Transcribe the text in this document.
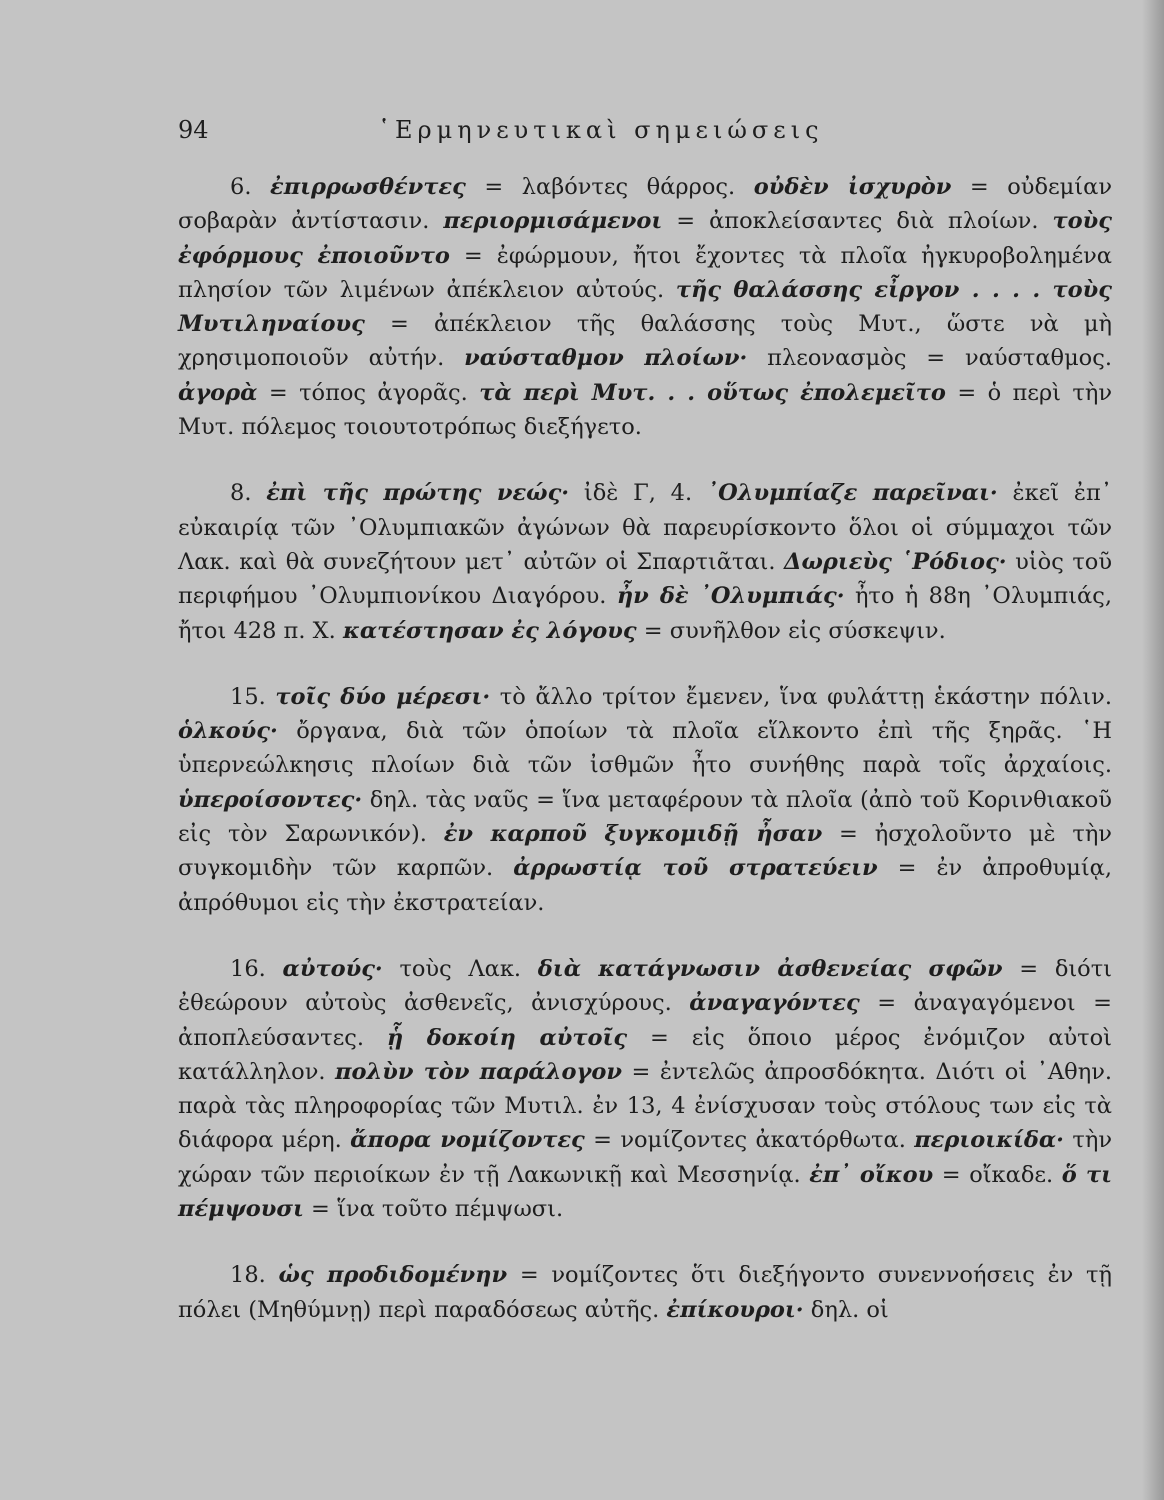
94	῾Ερμηνευτικαὶ σημειώσεις

6. ἐπιρρωσθέντες = λαβόντες θάρρος. οὐδὲν ἰσχυρὸν = οὐδεμίαν σοβαρὰν ἀντίστασιν. περιορμισάμενοι = ἀποκλείσαντες διὰ πλοίων. τοὺς ἐφόρμους ἐποιοῦντο = ἐφώρμουν, ἤτοι ἔχοντες τὰ πλοῖα ἠγκυροβολημένα πλησίον τῶν λιμένων ἀπέκλειον αὐτούς. τῆς θαλάσσης εἶργον . . . . τοὺς Μυτιληναίους = ἀπέκλειον τῆς θαλάσσης τοὺς Μυτ., ὥστε νὰ μὴ χρησιμοποιοῦν αὐτήν. ναύσταθμον πλοίων· πλεονασμὸς = ναύσταθμος. ἀγορὰ = τόπος ἀγορᾶς. τὰ περὶ Μυτ. . . οὕτως ἐπολεμεῖτο = ὁ περὶ τὴν Μυτ. πόλεμος τοιουτοτρόπως διεξήγετο.

8. ἐπὶ τῆς πρώτης νεώς· ἰδὲ Γ, 4. ᾿Ολυμπίαζε παρεῖναι· ἐκεῖ ἐπ᾿ εὐκαιρίᾳ τῶν ᾿Ολυμπιακῶν ἀγώνων θὰ παρευρίσκοντο ὅλοι οἱ σύμμαχοι τῶν Λακ. καὶ θὰ συνεζήτουν μετ᾿ αὐτῶν οἱ Σπαρτιᾶται. Δωριεὺς ῾Ρόδιος· υἱὸς τοῦ περιφήμου ᾿Ολυμπιονίκου Διαγόρου. ἦν δὲ ᾿Ολυμπιάς· ἦτο ἡ 88η ᾿Ολυμπιάς, ἤτοι 428 π. Χ. κατέστησαν ἐς λόγους = συνῆλθον εἰς σύσκεψιν.

15. τοῖς δύο μέρεσι· τὸ ἄλλο τρίτον ἔμενεν, ἵνα φυλάττῃ ἑκάστην πόλιν. ὁλκούς· ὄργανα, διὰ τῶν ὁποίων τὰ πλοῖα εἵλκοντο ἐπὶ τῆς ξηρᾶς. ῾Η ὑπερνεώλκησις πλοίων διὰ τῶν ἰσθμῶν ἦτο συνήθης παρὰ τοῖς ἀρχαίοις. ὑπεροίσοντες· δηλ. τὰς ναῦς = ἵνα μεταφέρουν τὰ πλοῖα (ἀπὸ τοῦ Κορινθιακοῦ εἰς τὸν Σαρωνικόν). ἐν καρποῦ ξυγκομιδῇ ἦσαν = ἠσχολοῦντο μὲ τὴν συγκομιδὴν τῶν καρπῶν. ἀρρωστίᾳ τοῦ στρατεύειν = ἐν ἀπροθυμίᾳ, ἀπρόθυμοι εἰς τὴν ἐκστρατείαν.

16. αὐτούς· τοὺς Λακ. διὰ κατάγνωσιν ἀσθενείας σφῶν = διότι ἐθεώρουν αὐτοὺς ἀσθενεῖς, ἀνισχύρους. ἀναγαγόντες = ἀναγαγόμενοι = ἀποπλεύσαντες. ᾗ δοκοίη αὐτοῖς = εἰς ὅποιο μέρος ἐνόμιζον αὐτοὶ κατάλληλον. πολὺν τὸν παράλογον = ἐντελῶς ἀπροσδόκητα. Διότι οἱ ᾿Αθην. παρὰ τὰς πληροφορίας τῶν Μυτιλ. ἐν 13, 4 ἐνίσχυσαν τοὺς στόλους των εἰς τὰ διάφορα μέρη. ἄπορα νομίζοντες = νομίζοντες ἀκατόρθωτα. περιοικίδα· τὴν χώραν τῶν περιοίκων ἐν τῇ Λακωνικῇ καὶ Μεσσηνίᾳ. ἐπ᾿ οἴκου = οἴκαδε. ὅ τι πέμψουσι = ἵνα τοῦτο πέμψωσι.

18. ὡς προδιδομένην = νομίζοντες ὅτι διεξήγοντο συνεννοήσεις ἐν τῇ πόλει (Μηθύμνῃ) περὶ παραδόσεως αὐτῆς. ἐπίκουροι· δηλ. οἱ
